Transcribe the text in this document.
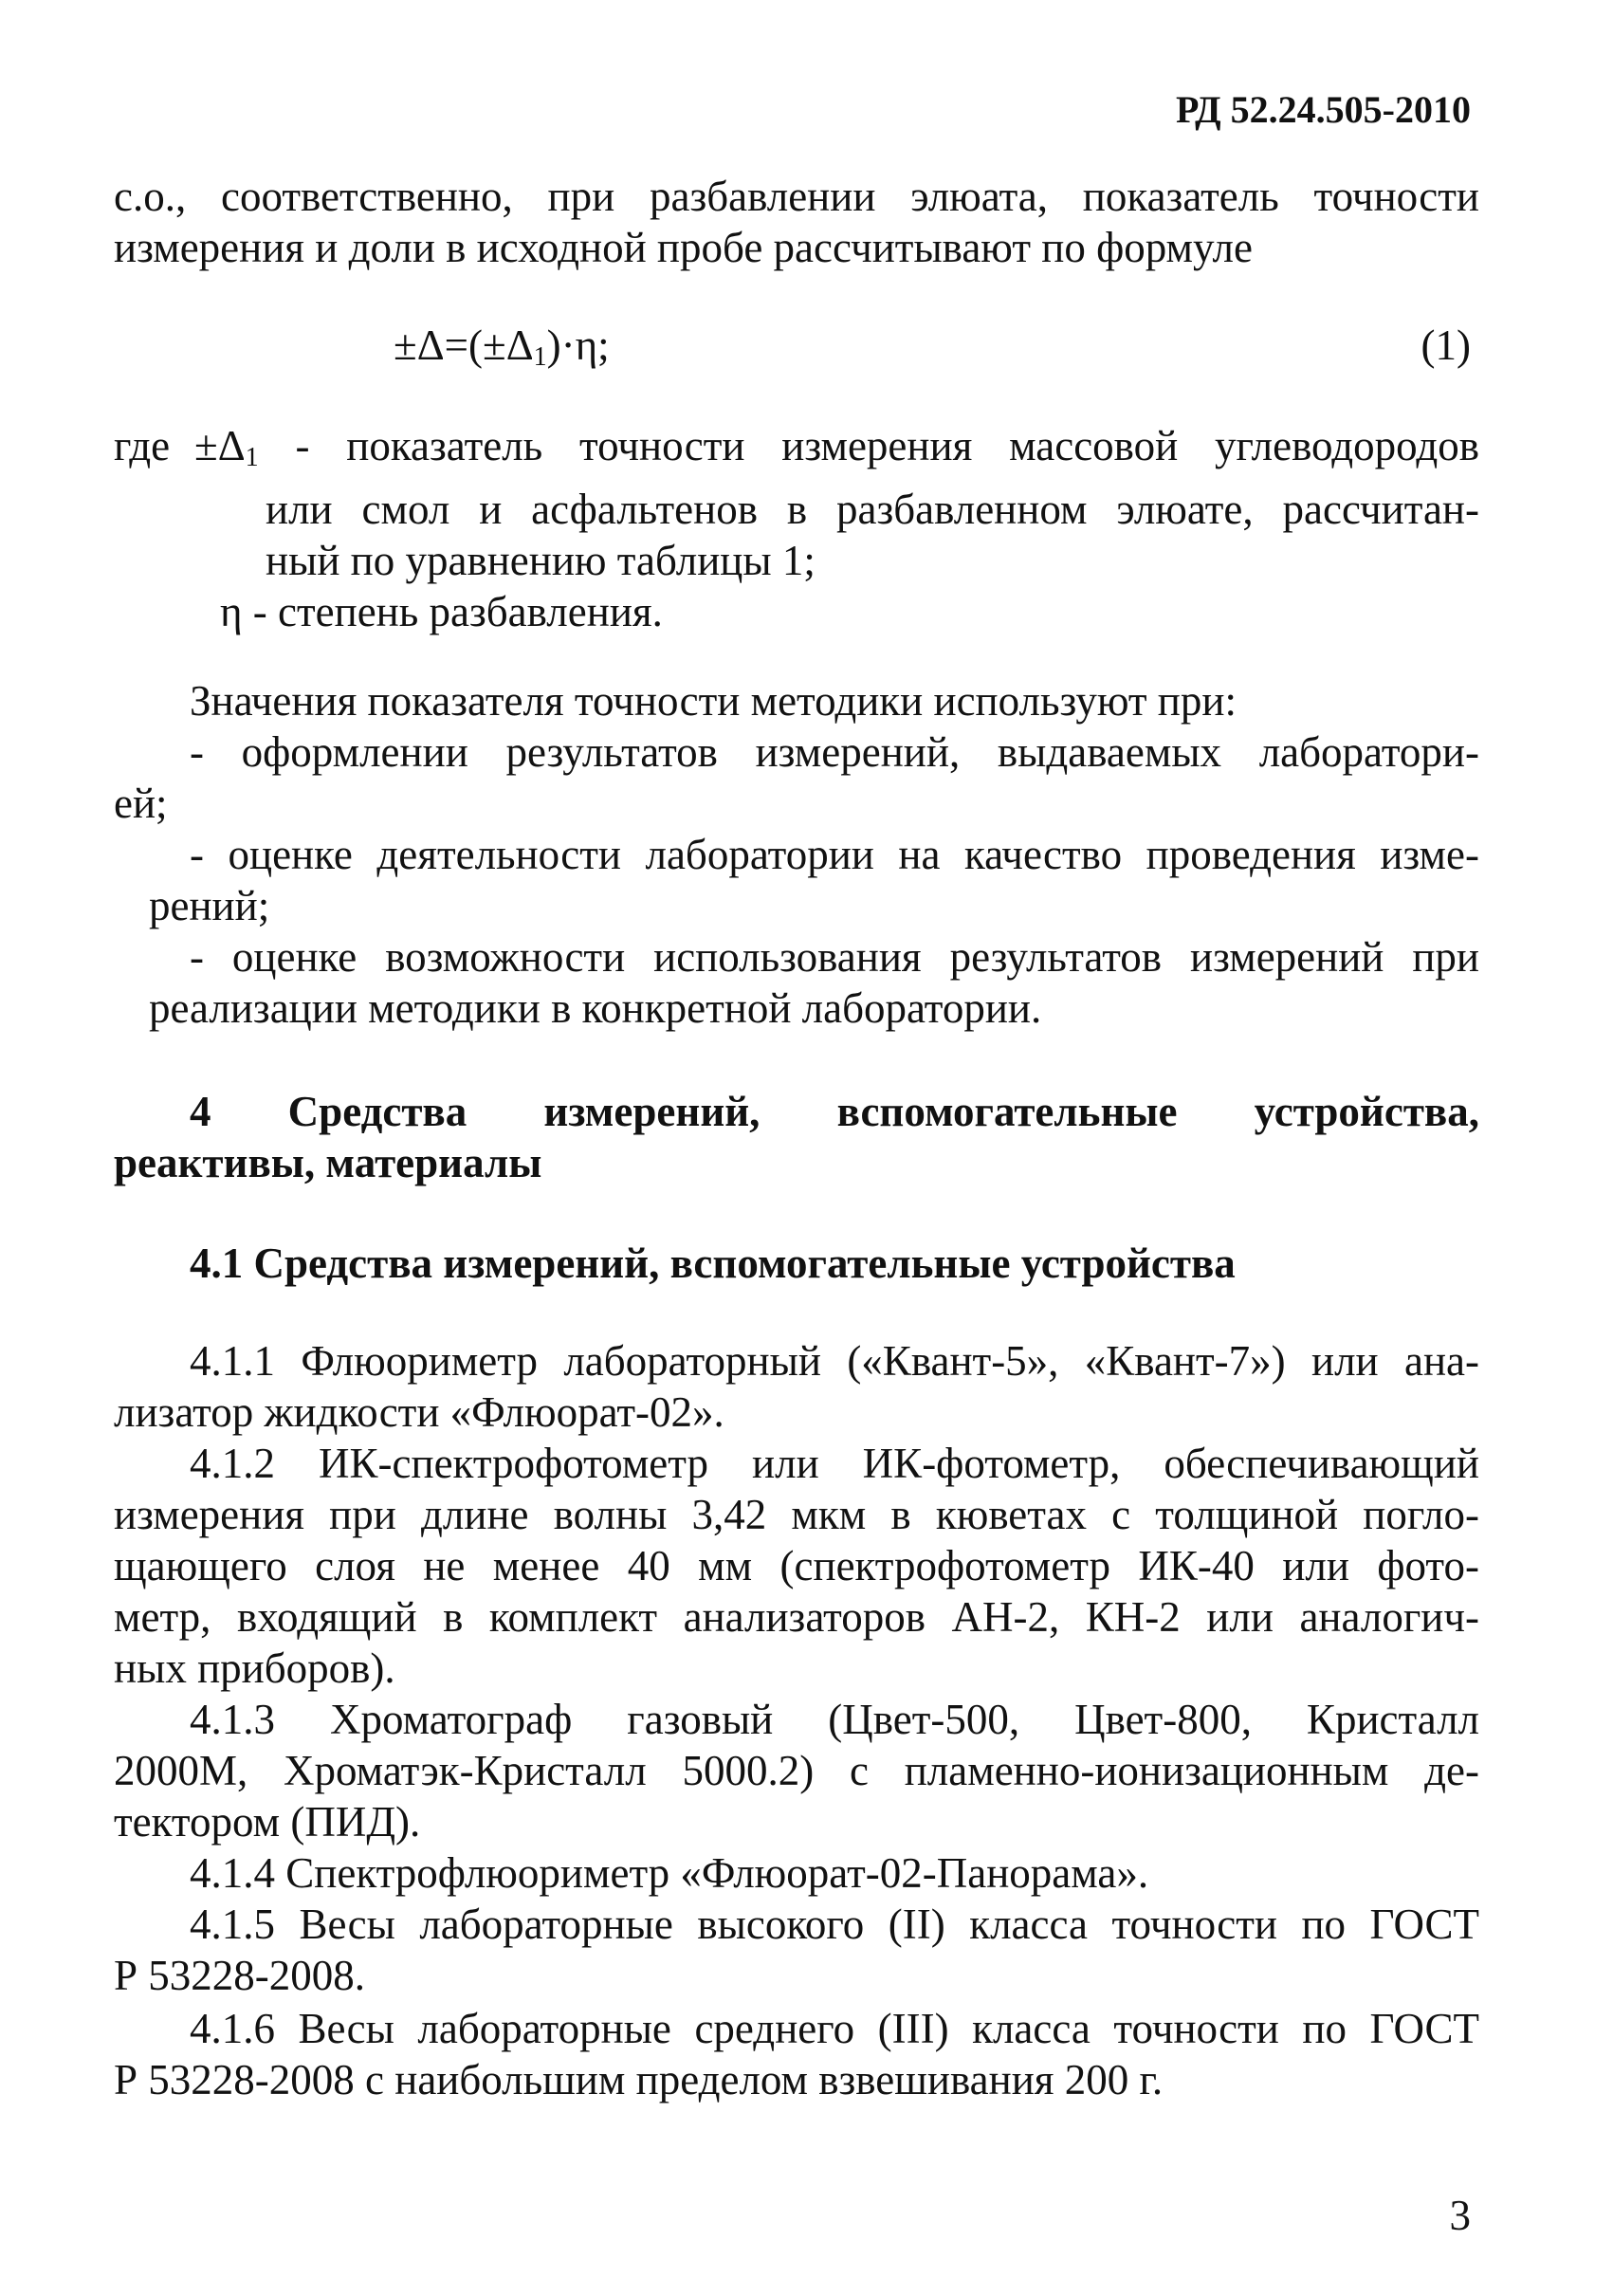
РД 52.24.505-2010
с.о., соответственно, при разбавлении элюата, показатель точности
измерения и доли в исходной пробе рассчитывают по формуле
$\pm\Delta=(\pm\Delta_1)\cdot\eta$;	(1)
где $\pm\Delta_1$ - показатель точности измерения массовой углеводородов
или смол и асфальтенов в разбавленном элюате, рассчитан-
ный по уравнению таблицы 1;
η - степень разбавления.
Значения показателя точности методики используют при:
- оформлении результатов измерений, выдаваемых лаборатори-
ей;
- оценке деятельности лаборатории на качество проведения изме-
рений;
- оценке возможности использования результатов измерений при
реализации методики в конкретной лаборатории.
4 Средства измерений, вспомогательные устройства,
реактивы, материалы
4.1 Средства измерений, вспомогательные устройства
4.1.1 Флюориметр лабораторный («Квант-5», «Квант-7») или ана-
лизатор жидкости «Флюорат-02».
4.1.2 ИК-спектрофотометр или ИК-фотометр, обеспечивающий
измерения при длине волны 3,42 мкм в кюветах с толщиной погло-
щающего слоя не менее 40 мм (спектрофотометр ИК-40 или фото-
метр, входящий в комплект анализаторов АН-2, КН-2 или аналогич-
ных приборов).
4.1.3 Хроматограф газовый (Цвет-500, Цвет-800, Кристалл
2000М, Хроматэк-Кристалл 5000.2) с пламенно-ионизационным де-
тектором (ПИД).
4.1.4 Спектрофлюориметр «Флюорат-02-Панорама».
4.1.5 Весы лабораторные высокого (II) класса точности по ГОСТ
Р 53228-2008.
4.1.6 Весы лабораторные среднего (III) класса точности по ГОСТ
Р 53228-2008 с наибольшим пределом взвешивания 200 г.
3
